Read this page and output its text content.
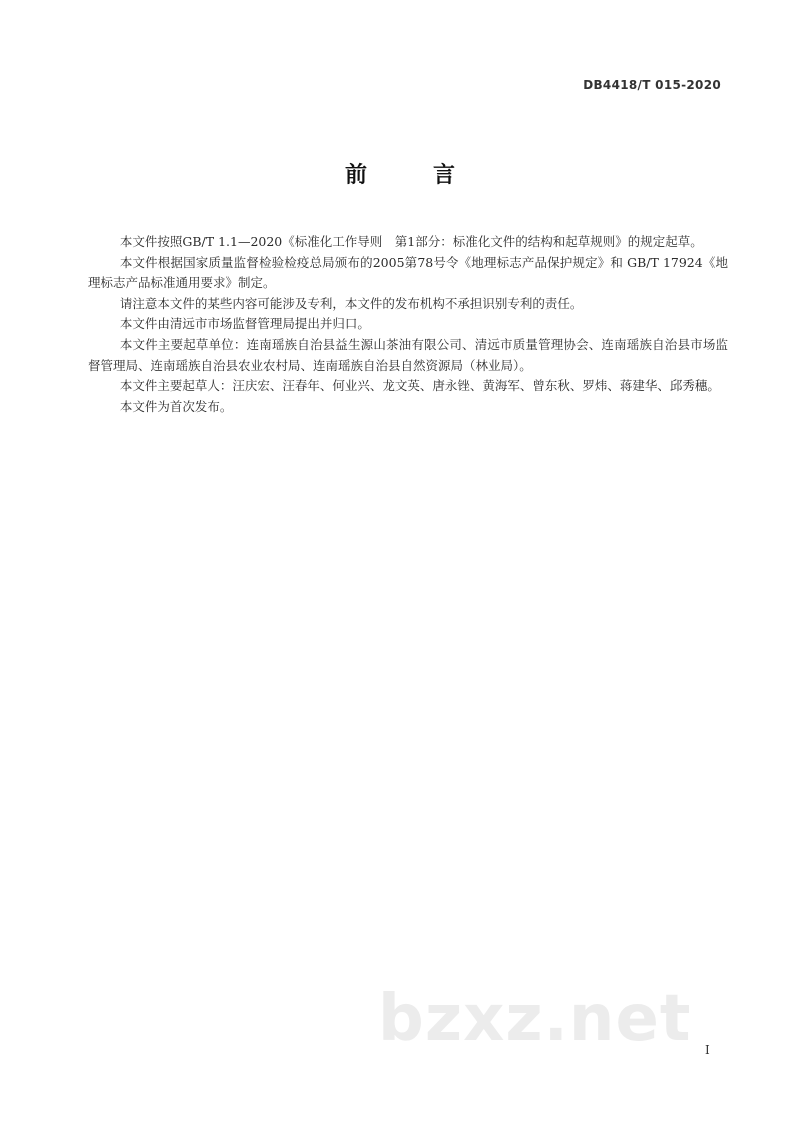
DB4418/T 015-2020
前　言

本文件按照GB/T 1.1—2020《标准化工作导则　第1部分：标准化文件的结构和起草规则》的规定起草。

本文件根据国家质量监督检验检疫总局颁布的2005第78号令《地理标志产品保护规定》和 GB/T 17924《地理标志产品标准通用要求》制定。

请注意本文件的某些内容可能涉及专利，本文件的发布机构不承担识别专利的责任。

本文件由清远市市场监督管理局提出并归口。

本文件主要起草单位：连南瑶族自治县益生源山茶油有限公司、清远市质量管理协会、连南瑶族自治县市场监督管理局、连南瑶族自治县农业农村局、连南瑶族自治县自然资源局（林业局）。

本文件主要起草人：汪庆宏、汪春年、何业兴、龙文英、唐永锉、黄海军、曾东秋、罗炜、蒋建华、邱秀穗。

本文件为首次发布。

bzxz.net I
